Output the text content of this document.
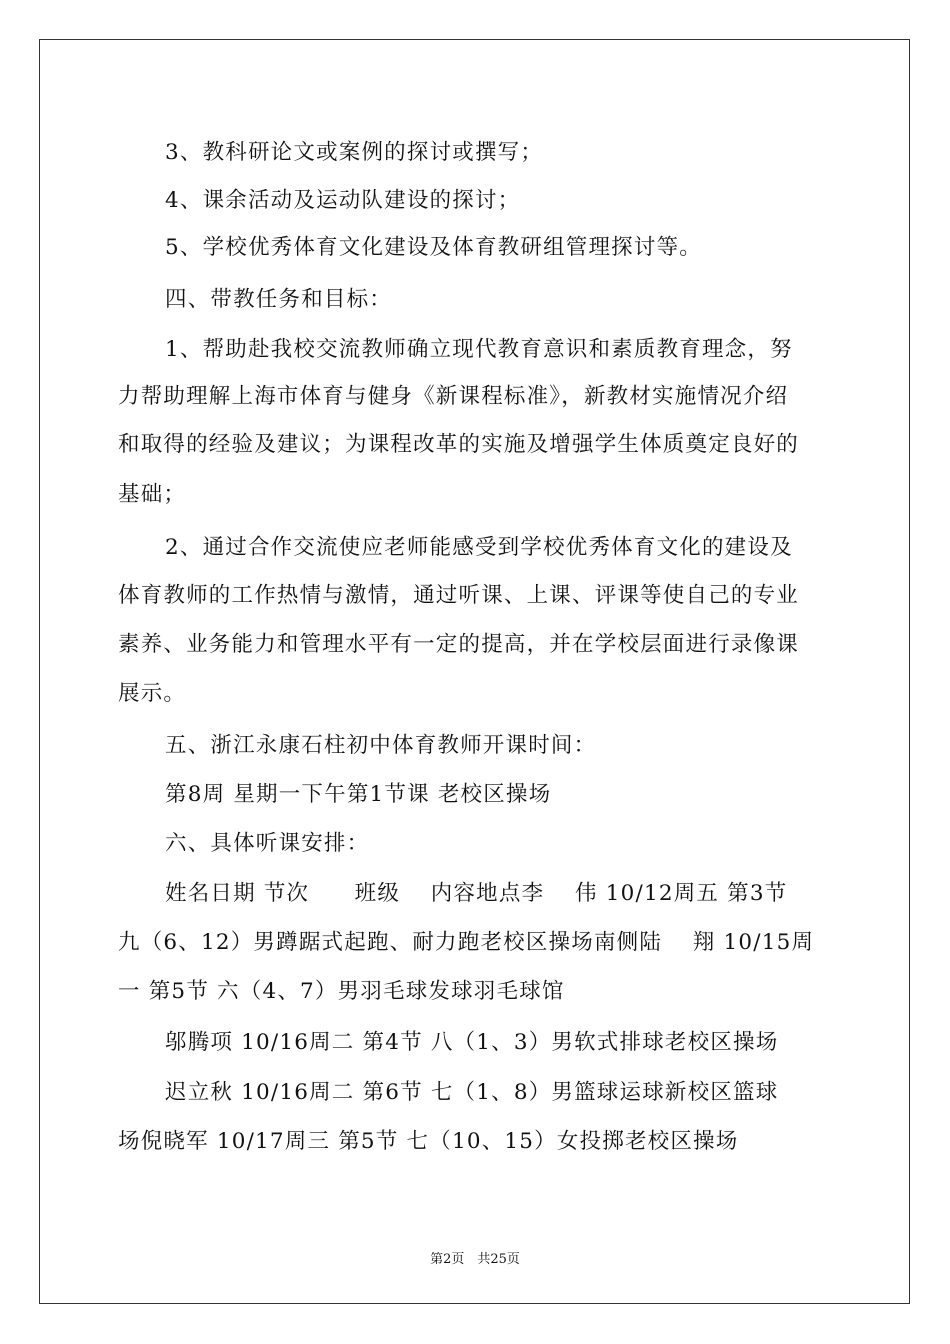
3、教科研论文或案例的探讨或撰写；

4、课余活动及运动队建设的探讨；

5、学校优秀体育文化建设及体育教研组管理探讨等。

四、带教任务和目标：

1、帮助赴我校交流教师确立现代教育意识和素质教育理念，努

力帮助理解上海市体育与健身《新课程标准》，新教材实施情况介绍

和取得的经验及建议；为课程改革的实施及增强学生体质奠定良好的

基础；

2、通过合作交流使应老师能感受到学校优秀体育文化的建设及

体育教师的工作热情与激情，通过听课、上课、评课等使自己的专业

素养、业务能力和管理水平有一定的提高，并在学校层面进行录像课

展示。

五、浙江永康石柱初中体育教师开课时间：

第8周 星期一下午第1节课 老校区操场

六、具体听课安排：

姓名日期 节次　　班级　 内容地点李　 伟 10/12周五 第3节

九（6、12）男蹲踞式起跑、耐力跑老校区操场南侧陆　 翔 10/15周

一 第5节 六（4、7）男羽毛球发球羽毛球馆

邬腾项 10/16周二 第4节 八（1、3）男软式排球老校区操场

迟立秋 10/16周二 第6节 七（1、8）男篮球运球新校区篮球

场倪晓军 10/17周三 第5节 七（10、15）女投掷老校区操场

第2页　共25页
